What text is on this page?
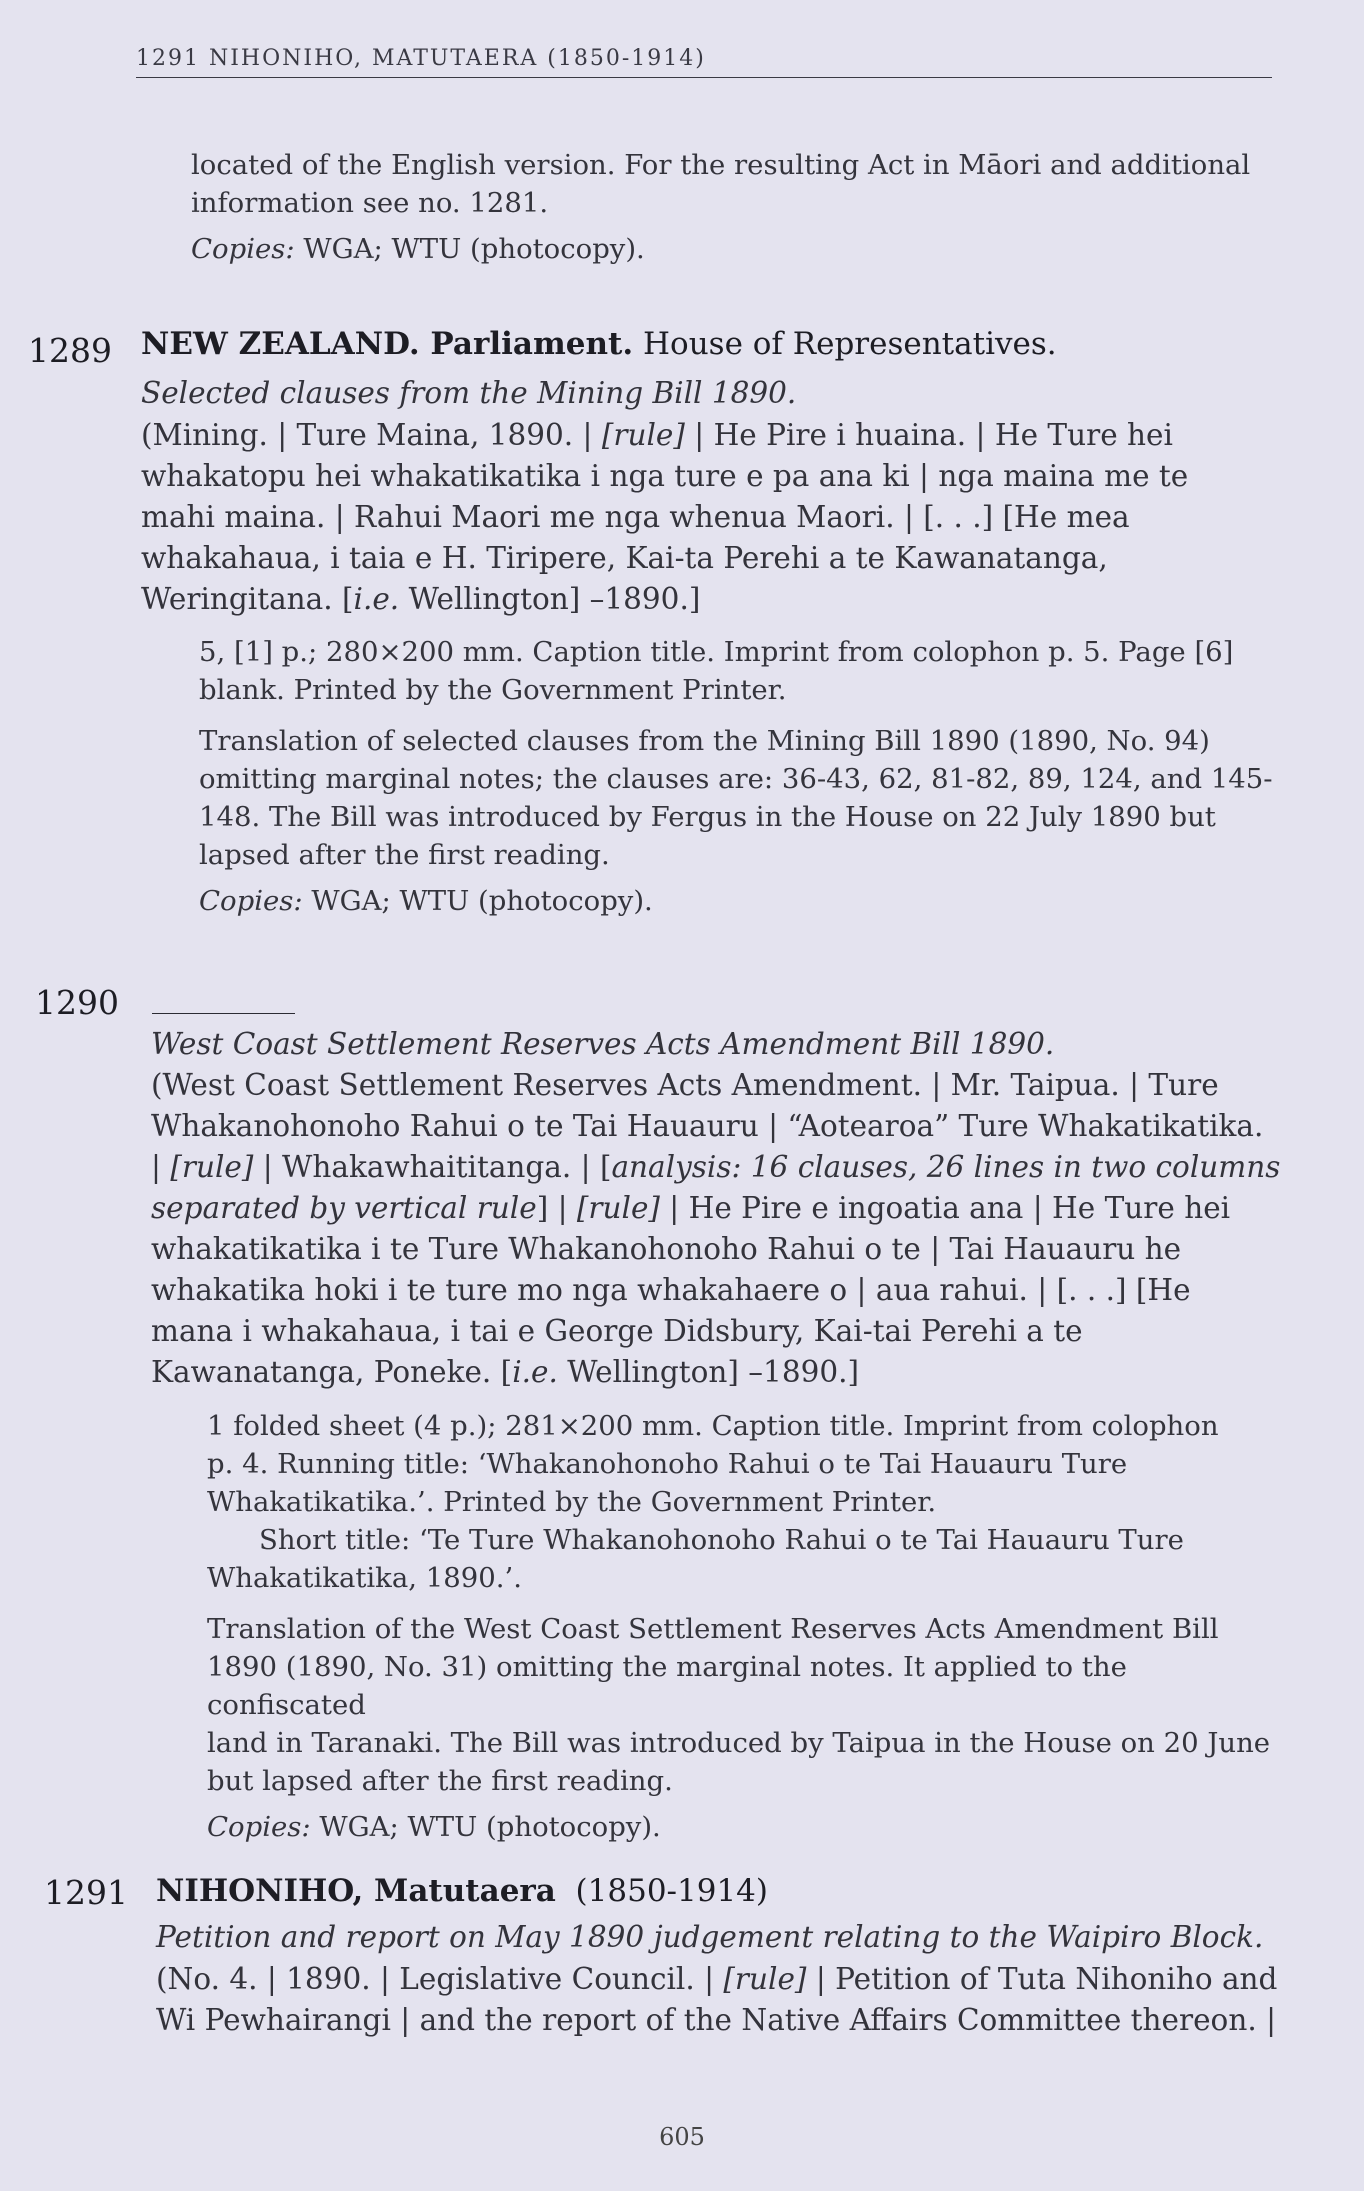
1291 NIHONIHO, MATUTAERA (1850-1914)
located of the English version. For the resulting Act in Māori and additional
information see no. 1281.
Copies: WGA; WTU (photocopy).
1289 NEW ZEALAND. Parliament. House of Representatives.
Selected clauses from the Mining Bill 1890.
(Mining. | Ture Maina, 1890. | [rule] | He Pire i huaina. | He Ture hei
whakatopu hei whakatikatika i nga ture e pa ana ki | nga maina me te
mahi maina. | Rahui Maori me nga whenua Maori. | [. . .] [He mea
whakahaua, i taia e H. Tiripere, Kai-ta Perehi a te Kawanatanga,
Weringitana. [i.e. Wellington] –1890.]
5, [1] p.; 280×200 mm. Caption title. Imprint from colophon p. 5. Page [6]
blank. Printed by the Government Printer.
Translation of selected clauses from the Mining Bill 1890 (1890, No. 94)
omitting marginal notes; the clauses are: 36-43, 62, 81-82, 89, 124, and 145-
148. The Bill was introduced by Fergus in the House on 22 July 1890 but
lapsed after the first reading.
Copies: WGA; WTU (photocopy).
1290
West Coast Settlement Reserves Acts Amendment Bill 1890.
(West Coast Settlement Reserves Acts Amendment. | Mr. Taipua. | Ture
Whakanohonoho Rahui o te Tai Hauauru | “Aotearoa” Ture Whakatikatika.
| [rule] | Whakawhaititanga. | [analysis: 16 clauses, 26 lines in two columns
separated by vertical rule] | [rule] | He Pire e ingoatia ana | He Ture hei
whakatikatika i te Ture Whakanohonoho Rahui o te | Tai Hauauru he
whakatika hoki i te ture mo nga whakahaere o | aua rahui. | [. . .] [He
mana i whakahaua, i tai e George Didsbury, Kai-tai Perehi a te
Kawanatanga, Poneke. [i.e. Wellington] –1890.]
1 folded sheet (4 p.); 281×200 mm. Caption title. Imprint from colophon
p. 4. Running title: ‘Whakanohonoho Rahui o te Tai Hauauru Ture
Whakatikatika.’. Printed by the Government Printer.
Short title: ‘Te Ture Whakanohonoho Rahui o te Tai Hauauru Ture
Whakatikatika, 1890.’.
Translation of the West Coast Settlement Reserves Acts Amendment Bill
1890 (1890, No. 31) omitting the marginal notes. It applied to the confiscated
land in Taranaki. The Bill was introduced by Taipua in the House on 20 June
but lapsed after the first reading.
Copies: WGA; WTU (photocopy).
1291 NIHONIHO, Matutaera  (1850-1914)
Petition and report on May 1890 judgement relating to the Waipiro Block.
(No. 4. | 1890. | Legislative Council. | [rule] | Petition of Tuta Nihoniho and
Wi Pewhairangi | and the report of the Native Affairs Committee thereon. |
605
